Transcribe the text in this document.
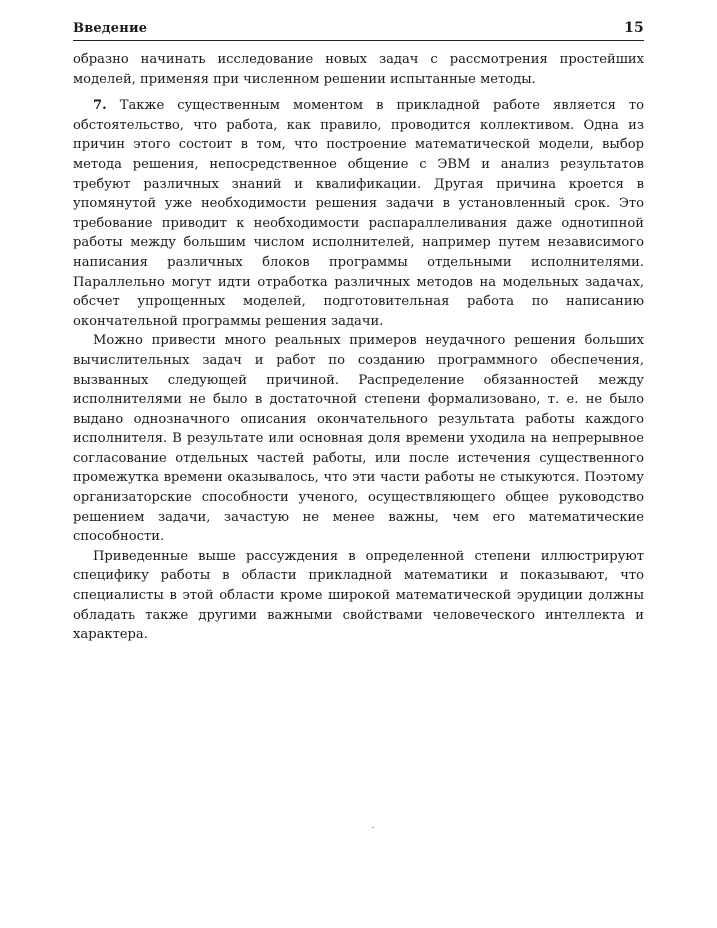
Введение	15

образно начинать исследование новых задач с рассмотрения простейших моделей, применяя при численном решении испытанные методы.

7. Также существенным моментом в прикладной работе является то обстоятельство, что работа, как правило, проводится коллективом. Одна из причин этого состоит в том, что построение математической модели, выбор метода решения, непосредственное общение с ЭВМ и анализ результатов требуют различных знаний и квалификации. Другая причина кроется в упомянутой уже необходимости решения задачи в установленный срок. Это требование приводит к необходимости распараллеливания даже однотипной работы между большим числом исполнителей, например путем независимого написания различных блоков программы отдельными исполнителями. Параллельно могут идти отработка различных методов на модельных задачах, обсчет упрощенных моделей, подготовительная работа по написанию окончательной программы решения задачи.

Можно привести много реальных примеров неудачного решения больших вычислительных задач и работ по созданию программного обеспечения, вызванных следующей причиной. Распределение обязанностей между исполнителями не было в достаточной степени формализовано, т. е. не было выдано однозначного описания окончательного результата работы каждого исполнителя. В результате или основная доля времени уходила на непрерывное согласование отдельных частей работы, или после истечения существенного промежутка времени оказывалось, что эти части работы не стыкуются. Поэтому организаторские способности ученого, осуществляющего общее руководство решением задачи, зачастую не менее важны, чем его математические способности.

Приведенные выше рассуждения в определенной степени иллюстрируют специфику работы в области прикладной математики и показывают, что специалисты в этой области кроме широкой математической эрудиции должны обладать также другими важными свойствами человеческого интеллекта и характера.
